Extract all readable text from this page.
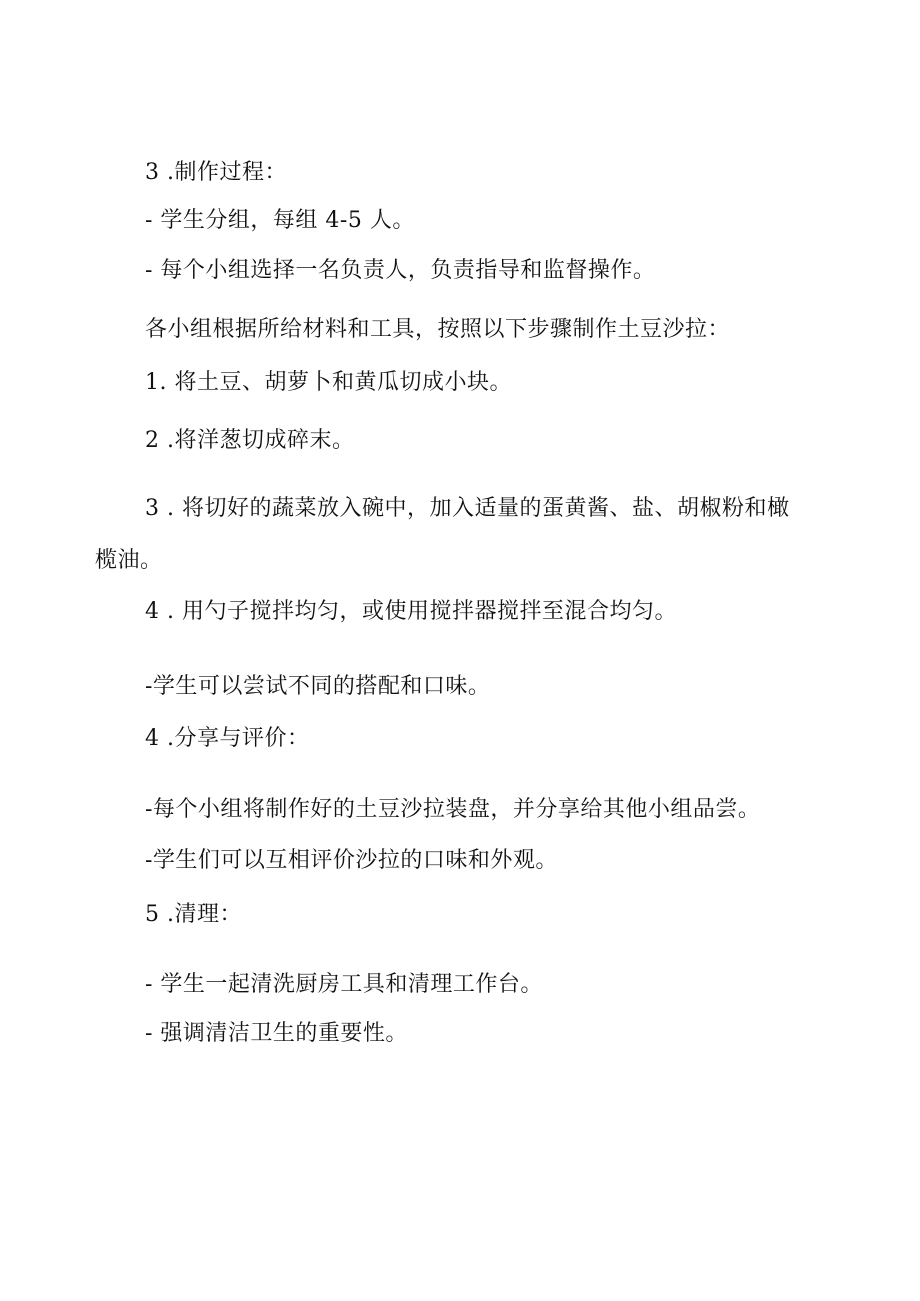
3 .制作过程：
- 学生分组，每组 4-5 人。
- 每个小组选择一名负责人，负责指导和监督操作。
各小组根据所给材料和工具，按照以下步骤制作土豆沙拉：
1. 将土豆、胡萝卜和黄瓜切成小块。
2 .将洋葱切成碎末。
3 . 将切好的蔬菜放入碗中，加入适量的蛋黄酱、盐、胡椒粉和橄
榄油。
4 . 用勺子搅拌均匀，或使用搅拌器搅拌至混合均匀。
-学生可以尝试不同的搭配和口味。
4 .分享与评价：
-每个小组将制作好的土豆沙拉装盘，并分享给其他小组品尝。
-学生们可以互相评价沙拉的口味和外观。
5 .清理：
- 学生一起清洗厨房工具和清理工作台。
- 强调清洁卫生的重要性。
